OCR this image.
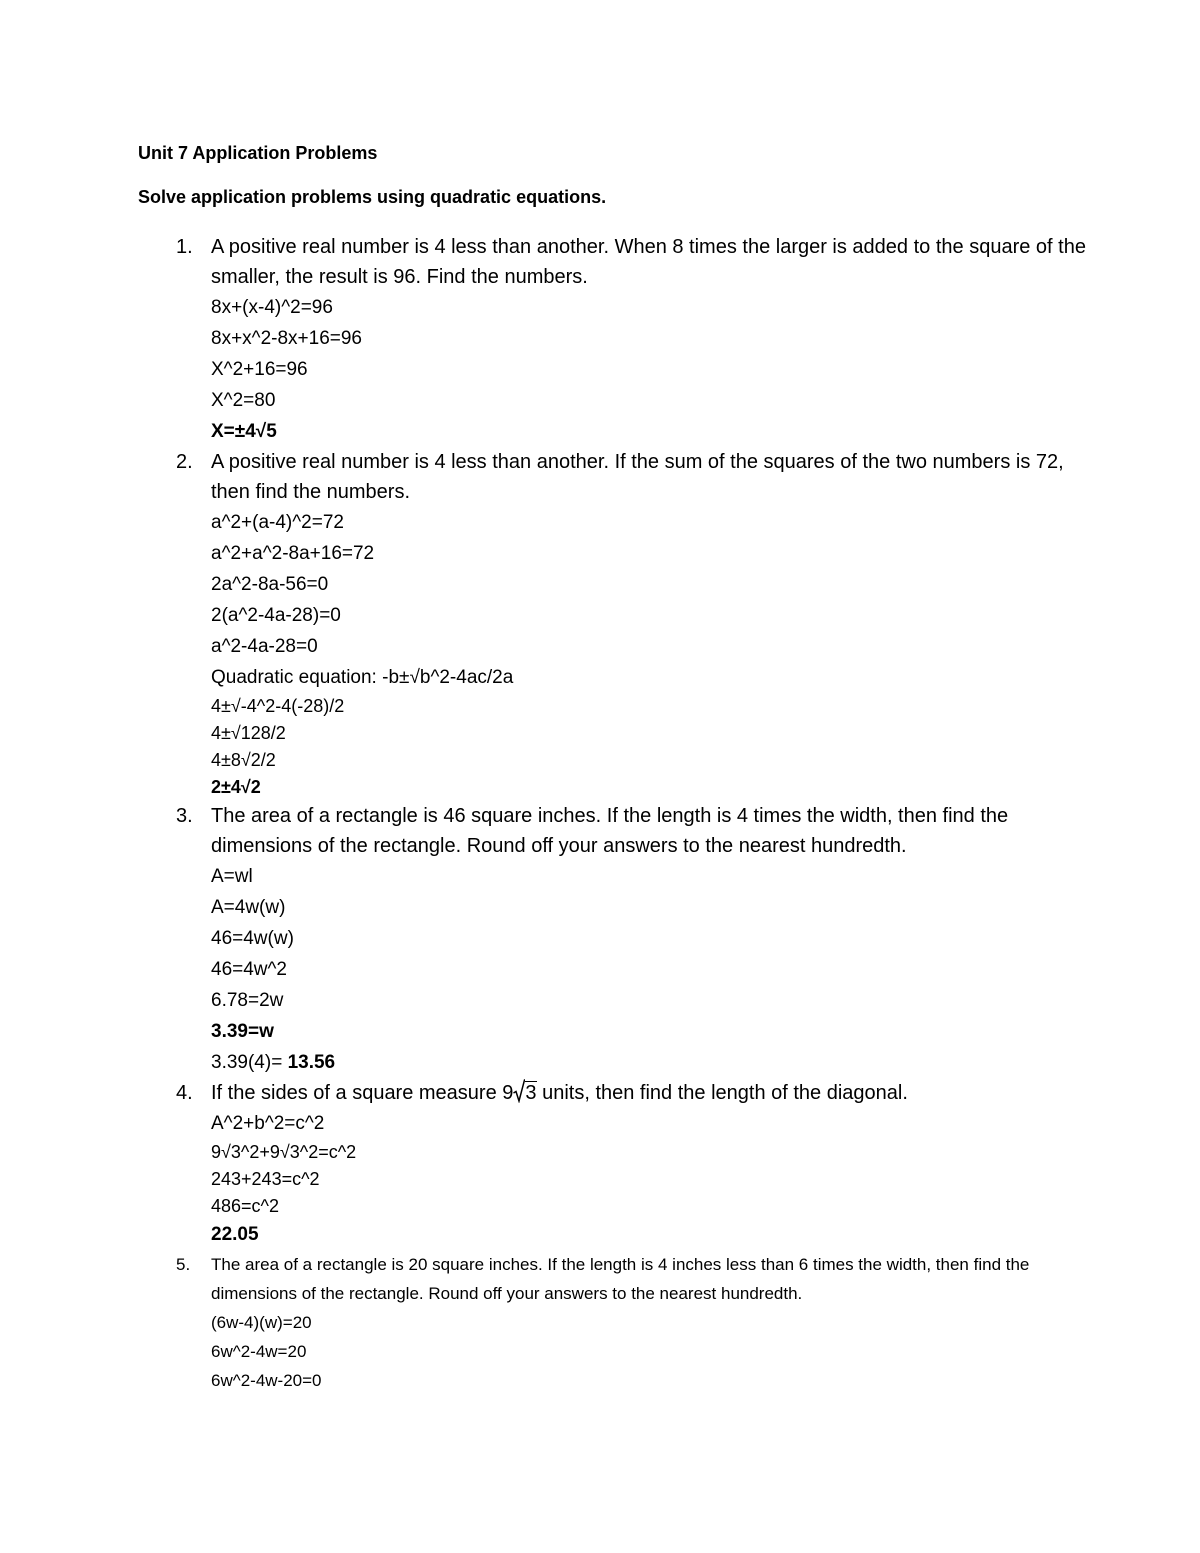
Unit 7 Application Problems
Solve application problems using quadratic equations.
1. A positive real number is 4 less than another. When 8 times the larger is added to the square of the smaller, the result is 96. Find the numbers.
8x+(x-4)^2=96
8x+x^2-8x+16=96
X^2+16=96
X^2=80
X=±4√5
2. A positive real number is 4 less than another. If the sum of the squares of the two numbers is 72, then find the numbers.
a^2+(a-4)^2=72
a^2+a^2-8a+16=72
2a^2-8a-56=0
2(a^2-4a-28)=0
a^2-4a-28=0
Quadratic equation: -b±√b^2-4ac/2a
4±√-4^2-4(-28)/2
4±√128/2
4±8√2/2
2±4√2
3. The area of a rectangle is 46 square inches. If the length is 4 times the width, then find the dimensions of the rectangle. Round off your answers to the nearest hundredth.
A=wl
A=4w(w)
46=4w(w)
46=4w^2
6.78=2w
3.39=w
3.39(4)= 13.56
4. If the sides of a square measure 9 3 units, then find the length of the diagonal.
A^2+b^2=c^2
9√3^2+9√3^2=c^2
243+243=c^2
486=c^2
22.05
5. The area of a rectangle is 20 square inches. If the length is 4 inches less than 6 times the width, then find the dimensions of the rectangle. Round off your answers to the nearest hundredth.
(6w-4)(w)=20
6w^2-4w=20
6w^2-4w-20=0
